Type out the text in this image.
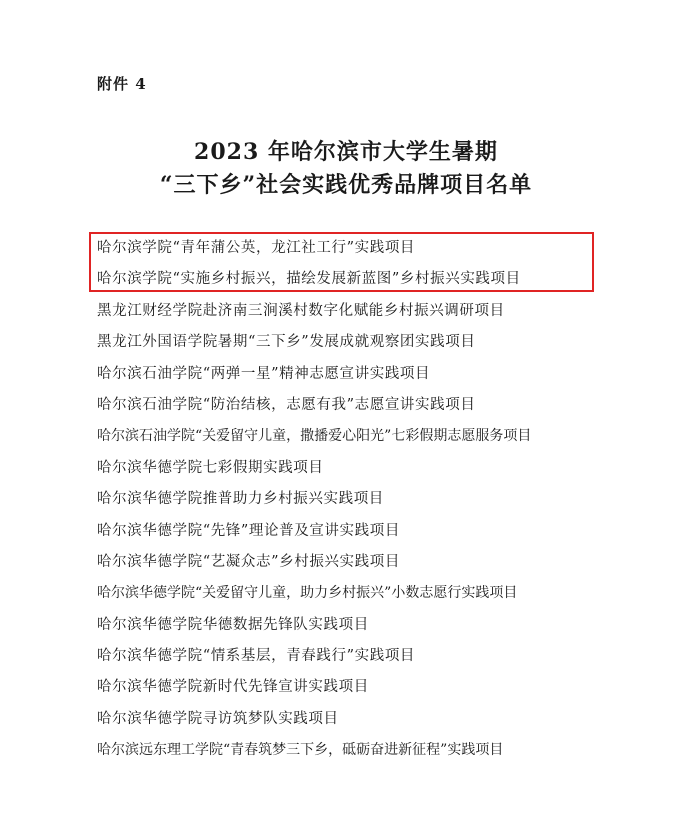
附件 4
2023 年哈尔滨市大学生暑期
“三下乡”社会实践优秀品牌项目名单
哈尔滨学院“青年蒲公英，龙江社工行”实践项目
哈尔滨学院“实施乡村振兴，描绘发展新蓝图”乡村振兴实践项目
黑龙江财经学院赴济南三涧溪村数字化赋能乡村振兴调研项目
黑龙江外国语学院暑期“三下乡”发展成就观察团实践项目
哈尔滨石油学院“两弹一星”精神志愿宣讲实践项目
哈尔滨石油学院“防治结核，志愿有我”志愿宣讲实践项目
哈尔滨石油学院“关爱留守儿童，撒播爱心阳光”七彩假期志愿服务项目
哈尔滨华德学院七彩假期实践项目
哈尔滨华德学院推普助力乡村振兴实践项目
哈尔滨华德学院“先锋”理论普及宣讲实践项目
哈尔滨华德学院“艺凝众志”乡村振兴实践项目
哈尔滨华德学院“关爱留守儿童，助力乡村振兴”小数志愿行实践项目
哈尔滨华德学院华德数据先锋队实践项目
哈尔滨华德学院“情系基层，青春践行”实践项目
哈尔滨华德学院新时代先锋宣讲实践项目
哈尔滨华德学院寻访筑梦队实践项目
哈尔滨远东理工学院“青春筑梦三下乡，砥砺奋进新征程”实践项目
